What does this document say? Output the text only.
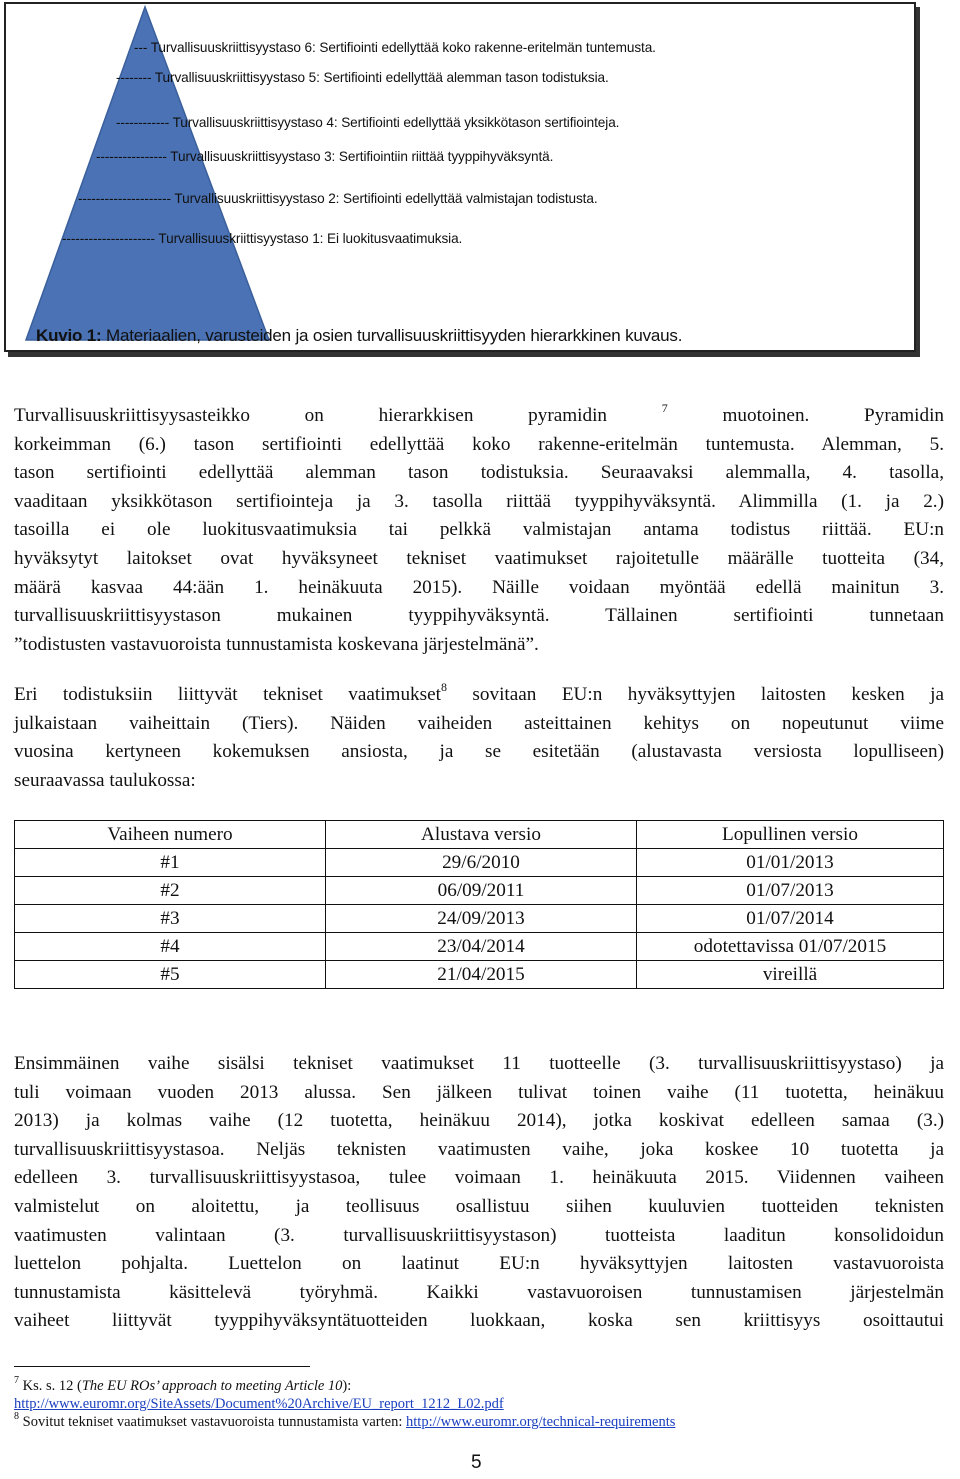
--- Turvallisuuskriittisyystaso 6: Sertifiointi edellyttää koko rakenne-eritelmän tuntemusta.
-------- Turvallisuuskriittisyystaso 5: Sertifiointi edellyttää alemman tason todistuksia.
------------ Turvallisuuskriittisyystaso 4: Sertifiointi edellyttää yksikkötason sertifiointeja.
---------------- Turvallisuuskriittisyystaso 3: Sertifiointiin riittää tyyppihyväksyntä.
--------------------- Turvallisuuskriittisyystaso 2: Sertifiointi edellyttää valmistajan todistusta.
--------------------- Turvallisuuskriittisyystaso 1: Ei luokitusvaatimuksia.
Kuvio 1: Materiaalien, varusteiden ja osien turvallisuuskriittisyyden hierarkkinen kuvaus.
Turvallisuuskriittisyysasteikko on hierarkkisen pyramidin	$^7$ muotoinen. Pyramidin
korkeimman (6.) tason sertifiointi edellyttää koko rakenne-eritelmän tuntemusta. Alemman, 5.
tason sertifiointi edellyttää alemman tason todistuksia. Seuraavaksi alemmalla, 4. tasolla,
vaaditaan yksikkötason sertifiointeja ja 3. tasolla riittää tyyppihyväksyntä. Alimmilla (1. ja 2.)
tasoilla ei ole luokitusvaatimuksia tai pelkkä valmistajan antama todistus riittää. EU:n
hyväksytyt laitokset ovat hyväksyneet tekniset vaatimukset rajoitetulle määrälle tuotteita (34,
määrä kasvaa 44:ään 1. heinäkuuta 2015). Näille voidaan myöntää edellä mainitun 3.
turvallisuuskriittisyystason mukainen tyyppihyväksyntä. Tällainen sertifiointi tunnetaan
”todistusten vastavuoroista tunnustamista koskevana järjestelmänä”.
Eri todistuksiin liittyvät tekniset vaatimukset$^8$ sovitaan EU:n hyväksyttyjen laitosten kesken ja
julkaistaan vaiheittain (Tiers). Näiden vaiheiden asteittainen kehitys on nopeutunut viime
vuosina kertyneen kokemuksen ansiosta, ja se esitetään (alustavasta versiosta lopulliseen)
seuraavassa taulukossa:
Vaiheen numero	Alustava versio	Lopullinen versio
#1	29/6/2010	01/01/2013
#2	06/09/2011	01/07/2013
#3	24/09/2013	01/07/2014
#4	23/04/2014	odotettavissa 01/07/2015
#5	21/04/2015	vireillä
Ensimmäinen vaihe sisälsi tekniset vaatimukset 11 tuotteelle (3. turvallisuuskriittisyystaso) ja
tuli voimaan vuoden 2013 alussa. Sen jälkeen tulivat toinen vaihe (11 tuotetta, heinäkuu
2013) ja kolmas vaihe (12 tuotetta, heinäkuu 2014), jotka koskivat edelleen samaa (3.)
turvallisuuskriittisyystasoa. Neljäs teknisten vaatimusten vaihe, joka koskee 10 tuotetta ja
edelleen 3. turvallisuuskriittisyystasoa, tulee voimaan 1. heinäkuuta 2015. Viidennen vaiheen
valmistelut on aloitettu, ja teollisuus osallistuu siihen kuuluvien tuotteiden teknisten
vaatimusten valintaan (3. turvallisuuskriittisyystason) tuotteista laaditun konsolidoidun
luettelon pohjalta. Luettelon on laatinut EU:n hyväksyttyjen laitosten vastavuoroista
tunnustamista käsittelevä työryhmä. Kaikki vastavuoroisen tunnustamisen järjestelmän
vaiheet liittyvät tyyppihyväksyntätuotteiden luokkaan, koska sen kriittisyys osoittautui
$^7$ Ks. s. 12 (The EU ROs’ approach to meeting Article 10):
http://www.euromr.org/SiteAssets/Document%20Archive/EU_report_1212_L02.pdf
$^8$ Sovitut tekniset vaatimukset vastavuoroista tunnustamista varten: http://www.euromr.org/technical-requirements
5
